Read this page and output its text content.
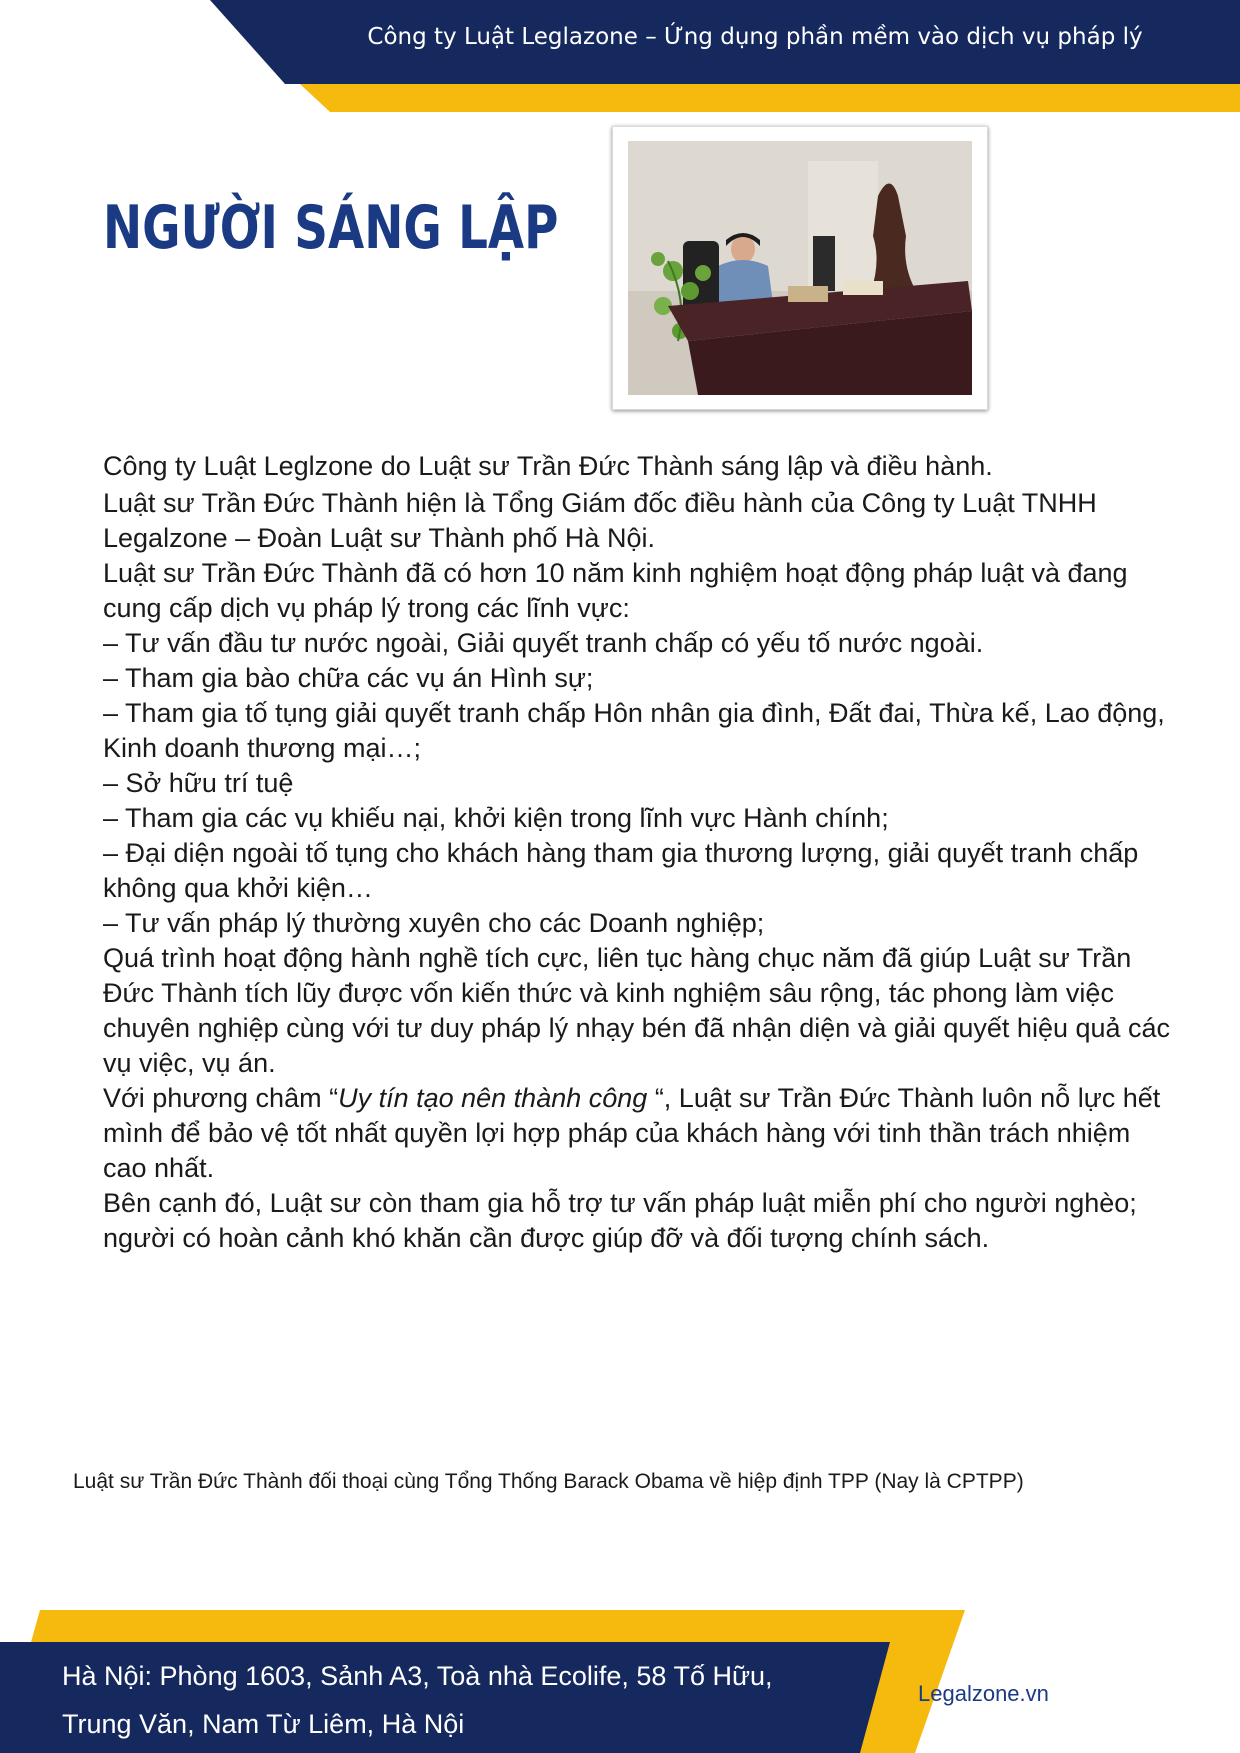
Công ty Luật Leglazone – Ứng dụng phần mềm vào dịch vụ pháp lý
NGƯỜI SÁNG LẬP

Công ty Luật Leglzone do Luật sư Trần Đức Thành sáng lập và điều hành.

Luật sư Trần Đức Thành hiện là Tổng Giám đốc điều hành của Công ty Luật TNHH Legalzone – Đoàn Luật sư Thành phố Hà Nội.

Luật sư Trần Đức Thành đã có hơn 10 năm kinh nghiệm hoạt động pháp luật và đang cung cấp dịch vụ pháp lý trong các lĩnh vực:

– Tư vấn đầu tư nước ngoài, Giải quyết tranh chấp có yếu tố nước ngoài.

– Tham gia bào chữa các vụ án Hình sự;

– Tham gia tố tụng giải quyết tranh chấp Hôn nhân gia đình, Đất đai, Thừa kế, Lao động, Kinh doanh thương mại…;

– Sở hữu trí tuệ

– Tham gia các vụ khiếu nại, khởi kiện trong lĩnh vực Hành chính;

– Đại diện ngoài tố tụng cho khách hàng tham gia thương lượng, giải quyết tranh chấp không qua khởi kiện…

– Tư vấn pháp lý thường xuyên cho các Doanh nghiệp;

Quá trình hoạt động hành nghề tích cực, liên tục hàng chục năm đã giúp Luật sư Trần Đức Thành tích lũy được vốn kiến thức và kinh nghiệm sâu rộng, tác phong làm việc chuyên nghiệp cùng với tư duy pháp lý nhạy bén đã nhận diện và giải quyết hiệu quả các vụ việc, vụ án.

Với phương châm “Uy tín tạo nên thành công “, Luật sư Trần Đức Thành luôn nỗ lực hết mình để bảo vệ tốt nhất quyền lợi hợp pháp của khách hàng với tinh thần trách nhiệm cao nhất.

Bên cạnh đó, Luật sư còn tham gia hỗ trợ tư vấn pháp luật miễn phí cho người nghèo; người có hoàn cảnh khó khăn cần được giúp đỡ và đối tượng chính sách.

Luật sư Trần Đức Thành đối thoại cùng Tổng Thống Barack Obama về hiệp định TPP (Nay là CPTPP)
Hà Nội: Phòng 1603, Sảnh A3, Toà nhà Ecolife, 58 Tố Hữu,
Trung Văn, Nam Từ Liêm, Hà Nội
Legalzone.vn
